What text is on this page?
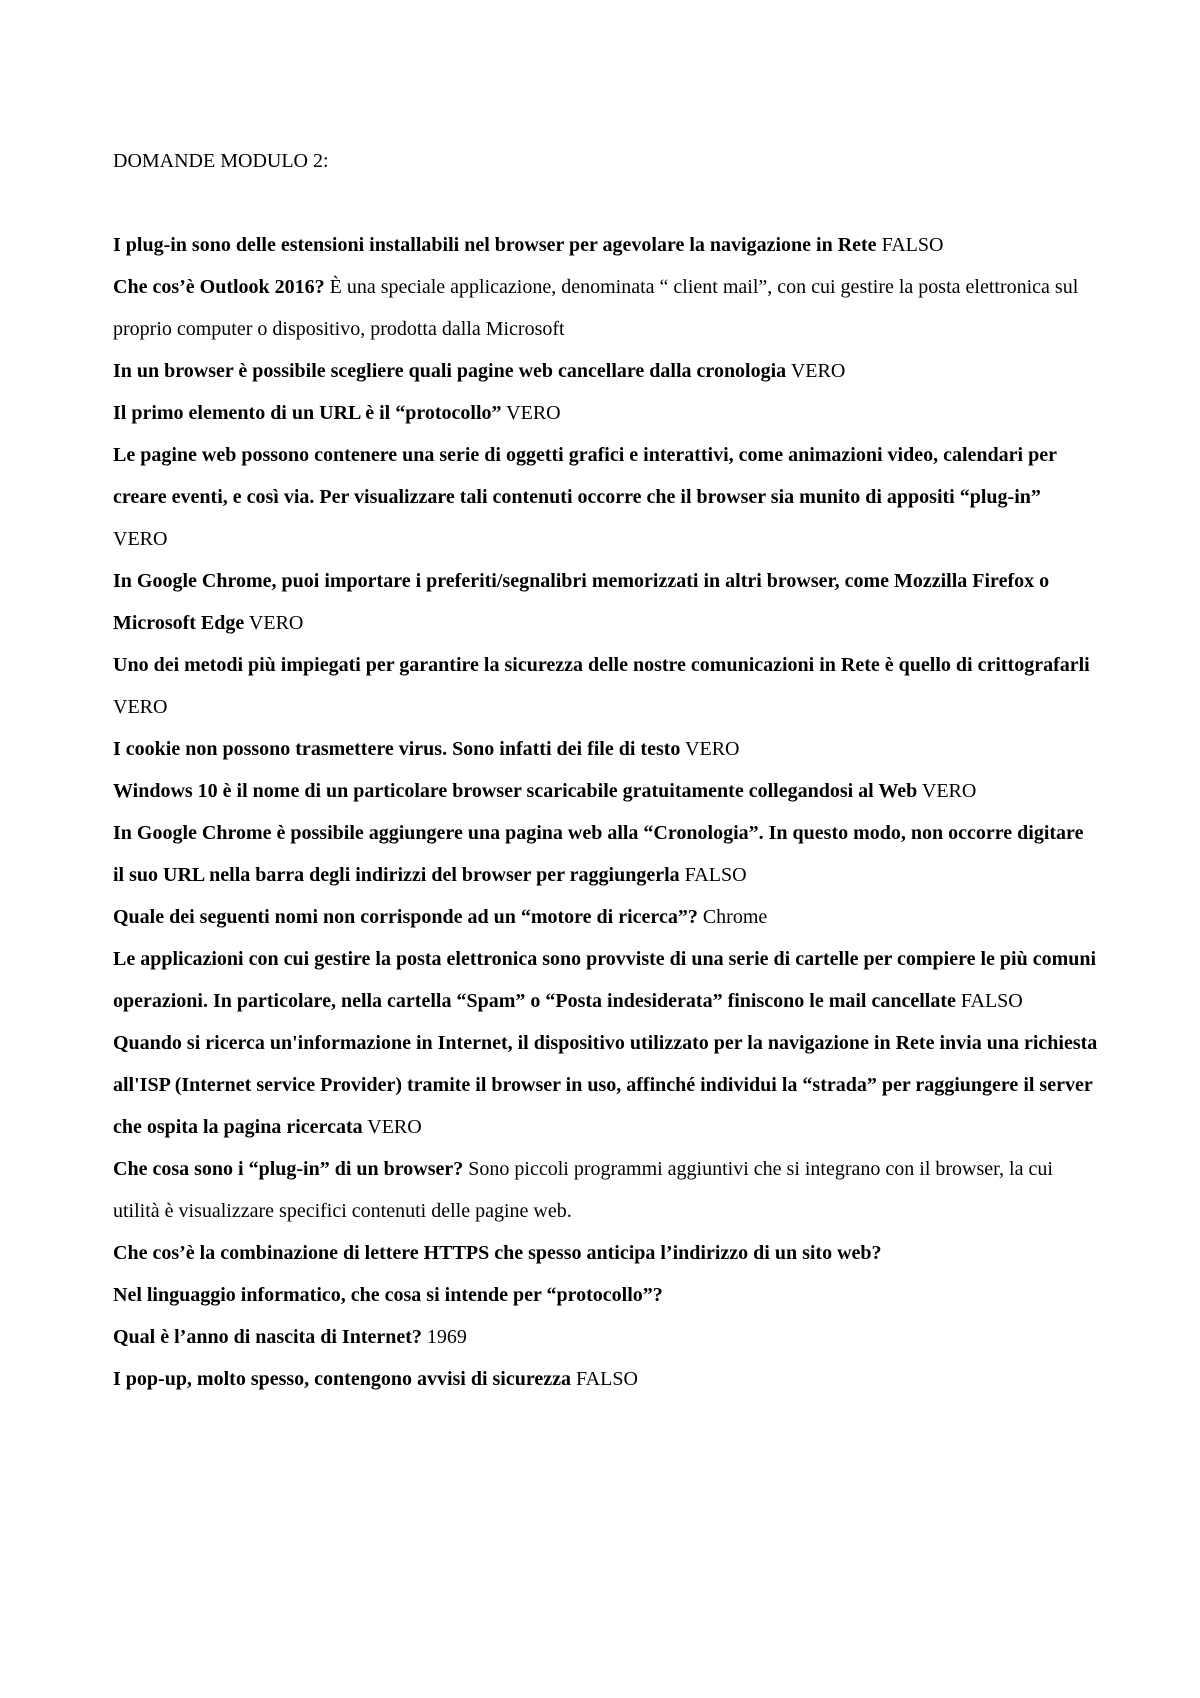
DOMANDE MODULO 2:

I plug-in sono delle estensioni installabili nel browser per agevolare la navigazione in Rete FALSO

Che cos’è Outlook 2016? È una speciale applicazione, denominata “ client mail”, con cui gestire la posta elettronica sul proprio computer o dispositivo, prodotta dalla Microsoft

In un browser è possibile scegliere quali pagine web cancellare dalla cronologia VERO

Il primo elemento di un URL è il “protocollo” VERO

Le pagine web possono contenere una serie di oggetti grafici e interattivi, come animazioni video, calendari per creare eventi, e così via. Per visualizzare tali contenuti occorre che il browser sia munito di appositi “plug-in” VERO

In Google Chrome, puoi importare i preferiti/segnalibri memorizzati in altri browser, come Mozzilla Firefox o Microsoft Edge VERO

Uno dei metodi più impiegati per garantire la sicurezza delle nostre comunicazioni in Rete è quello di crittografarli VERO

I cookie non possono trasmettere virus. Sono infatti dei file di testo VERO

Windows 10 è il nome di un particolare browser scaricabile gratuitamente collegandosi al Web VERO

In Google Chrome è possibile aggiungere una pagina web alla “Cronologia”. In questo modo, non occorre digitare il suo URL nella barra degli indirizzi del browser per raggiungerla FALSO

Quale dei seguenti nomi non corrisponde ad un “motore di ricerca”? Chrome

Le applicazioni con cui gestire la posta elettronica sono provviste di una serie di cartelle per compiere le più comuni operazioni. In particolare, nella cartella “Spam” o “Posta indesiderata” finiscono le mail cancellate FALSO

Quando si ricerca un'informazione in Internet, il dispositivo utilizzato per la navigazione in Rete invia una richiesta all'ISP (Internet service Provider) tramite il browser in uso, affinché individui la “strada” per raggiungere il server che ospita la pagina ricercata VERO

Che cosa sono i “plug-in” di un browser? Sono piccoli programmi aggiuntivi che si integrano con il browser, la cui utilità è visualizzare specifici contenuti delle pagine web.

Che cos’è la combinazione di lettere HTTPS che spesso anticipa l’indirizzo di un sito web?

Nel linguaggio informatico, che cosa si intende per “protocollo”?

Qual è l’anno di nascita di Internet? 1969

I pop-up, molto spesso, contengono avvisi di sicurezza FALSO
